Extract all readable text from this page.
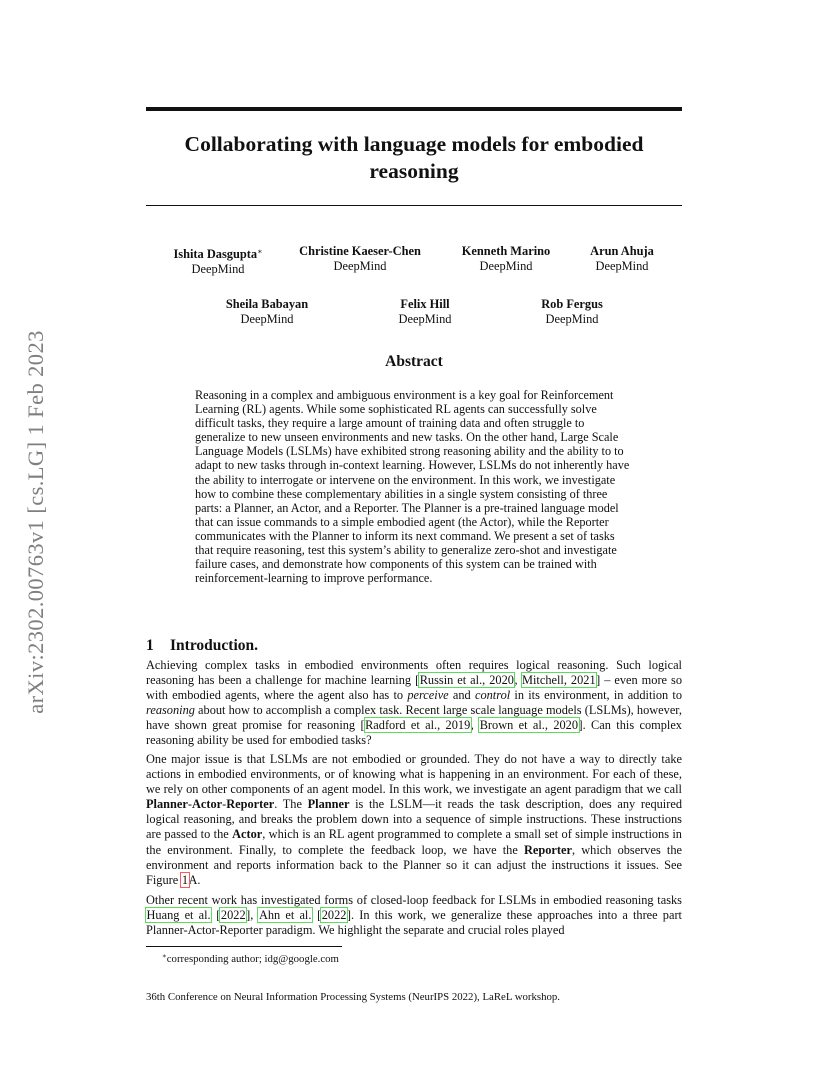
arXiv:2302.00763v1 [cs.LG] 1 Feb 2023
Collaborating with language models for embodied reasoning
Ishita Dasgupta∗
DeepMind
Christine Kaeser-Chen
DeepMind
Kenneth Marino
DeepMind
Arun Ahuja
DeepMind
Sheila Babayan
DeepMind
Felix Hill
DeepMind
Rob Fergus
DeepMind
Abstract

Reasoning in a complex and ambiguous environment is a key goal for Reinforcement Learning (RL) agents. While some sophisticated RL agents can successfully solve difficult tasks, they require a large amount of training data and often struggle to generalize to new unseen environments and new tasks. On the other hand, Large Scale Language Models (LSLMs) have exhibited strong reasoning ability and the ability to to adapt to new tasks through in-context learning. However, LSLMs do not inherently have the ability to interrogate or intervene on the environment. In this work, we investigate how to combine these complementary abilities in a single system consisting of three parts: a Planner, an Actor, and a Reporter. The Planner is a pre-trained language model that can issue commands to a simple embodied agent (the Actor), while the Reporter communicates with the Planner to inform its next command. We present a set of tasks that require reasoning, test this system’s ability to generalize zero-shot and investigate failure cases, and demonstrate how components of this system can be trained with reinforcement-learning to improve performance.

1 Introduction.

Achieving complex tasks in embodied environments often requires logical reasoning. Such logical reasoning has been a challenge for machine learning [Russin et al., 2020, Mitchell, 2021] – even more so with embodied agents, where the agent also has to perceive and control in its environment, in addition to reasoning about how to accomplish a complex task. Recent large scale language models (LSLMs), however, have shown great promise for reasoning [Radford et al., 2019, Brown et al., 2020]. Can this complex reasoning ability be used for embodied tasks?

One major issue is that LSLMs are not embodied or grounded. They do not have a way to directly take actions in embodied environments, or of knowing what is happening in an environment. For each of these, we rely on other components of an agent model. In this work, we investigate an agent paradigm that we call Planner-Actor-Reporter. The Planner is the LSLM—it reads the task description, does any required logical reasoning, and breaks the problem down into a sequence of simple instructions. These instructions are passed to the Actor, which is an RL agent programmed to complete a small set of simple instructions in the environment. Finally, to complete the feedback loop, we have the Reporter, which observes the environment and reports information back to the Planner so it can adjust the instructions it issues. See Figure 1A.

Other recent work has investigated forms of closed-loop feedback for LSLMs in embodied reasoning tasks Huang et al. [2022], Ahn et al. [2022]. In this work, we generalize these approaches into a three part Planner-Actor-Reporter paradigm. We highlight the separate and crucial roles played

∗corresponding author; idg@google.com

36th Conference on Neural Information Processing Systems (NeurIPS 2022), LaReL workshop.
